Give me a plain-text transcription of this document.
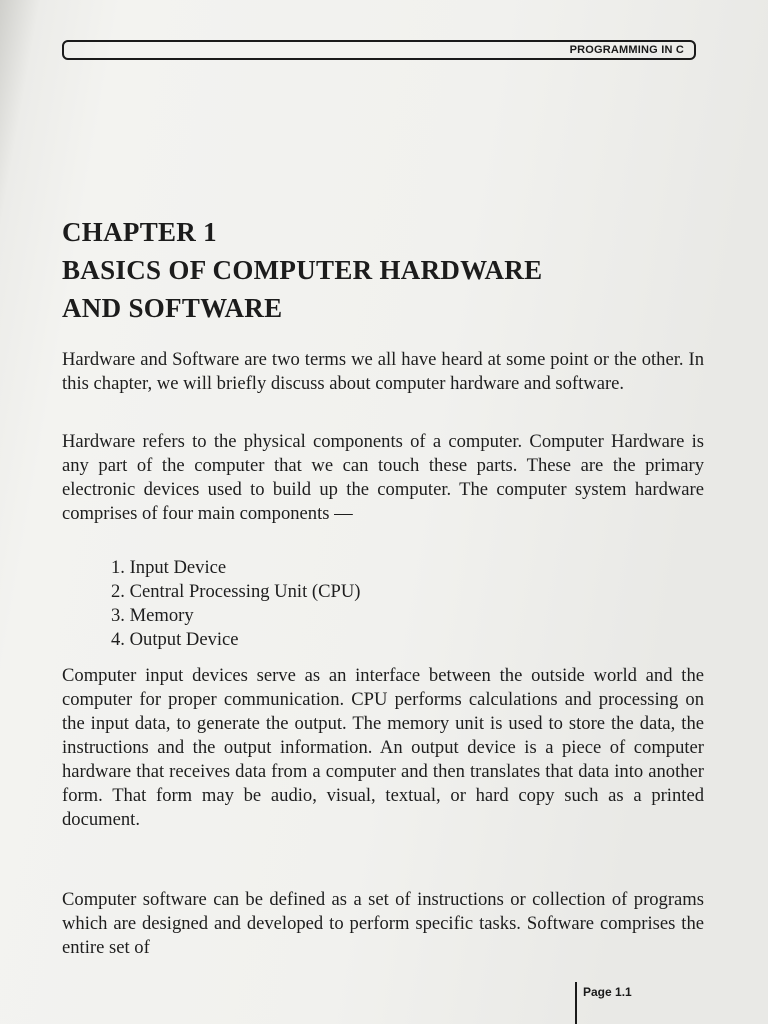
PROGRAMMING IN C
CHAPTER 1
BASICS OF COMPUTER HARDWARE
AND SOFTWARE

Hardware and Software are two terms we all have heard at some point or the other. In this chapter, we will briefly discuss about computer hardware and software.

Hardware refers to the physical components of a computer. Computer Hardware is any part of the computer that we can touch these parts. These are the primary electronic devices used to build up the computer. The computer system hardware comprises of four main components —

1. Input Device
2. Central Processing Unit (CPU)
3. Memory
4. Output Device

Computer input devices serve as an interface between the outside world and the computer for proper communication. CPU performs calculations and processing on the input data, to generate the output. The memory unit is used to store the data, the instructions and the output information. An output device is a piece of computer hardware that receives data from a computer and then translates that data into another form. That form may be audio, visual, textual, or hard copy such as a printed document.

Computer software can be defined as a set of instructions or collection of programs which are designed and developed to perform specific tasks. Software comprises the entire set of

Page 1.1
